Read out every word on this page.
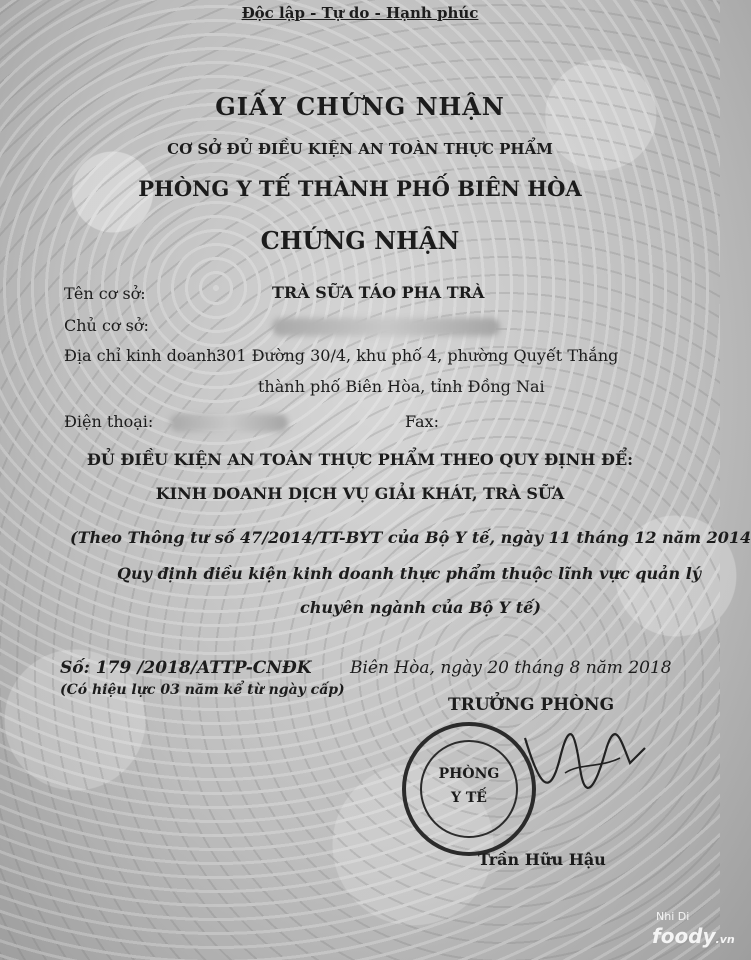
Độc lập - Tự do - Hạnh phúc
GIẤY CHỨNG NHẬN
CƠ SỞ ĐỦ ĐIỀU KIỆN AN TOÀN THỰC PHẨM
PHÒNG Y TẾ THÀNH PHỐ BIÊN HÒA
CHỨNG NHẬN
Tên cơ sở:	TRÀ SỮA TÁO PHA TRÀ
Chủ cơ sở:
Địa chỉ kinh doanh:
301 Đường 30/4, khu phố 4, phường Quyết Thắng
thành phố Biên Hòa, tỉnh Đồng Nai
Điện thoại:	Fax:
ĐỦ ĐIỀU KIỆN AN TOÀN THỰC PHẨM THEO QUY ĐỊNH ĐỂ:
KINH DOANH DỊCH VỤ GIẢI KHÁT, TRÀ SỮA
(Theo Thông tư số 47/2014/TT-BYT của Bộ Y tế, ngày 11 tháng 12 năm 2014
Quy định điều kiện kinh doanh thực phẩm thuộc lĩnh vực quản lý
chuyên ngành của Bộ Y tế)
Số: 179 /2018/ATTP-CNĐK
(Có hiệu lực 03 năm kể từ ngày cấp)
Biên Hòa, ngày 20 tháng 8 năm 2018
TRƯỞNG PHÒNG
PHÒNG
Y TẾ
Trần Hữu Hậu
Nhi Di
foody.vn
